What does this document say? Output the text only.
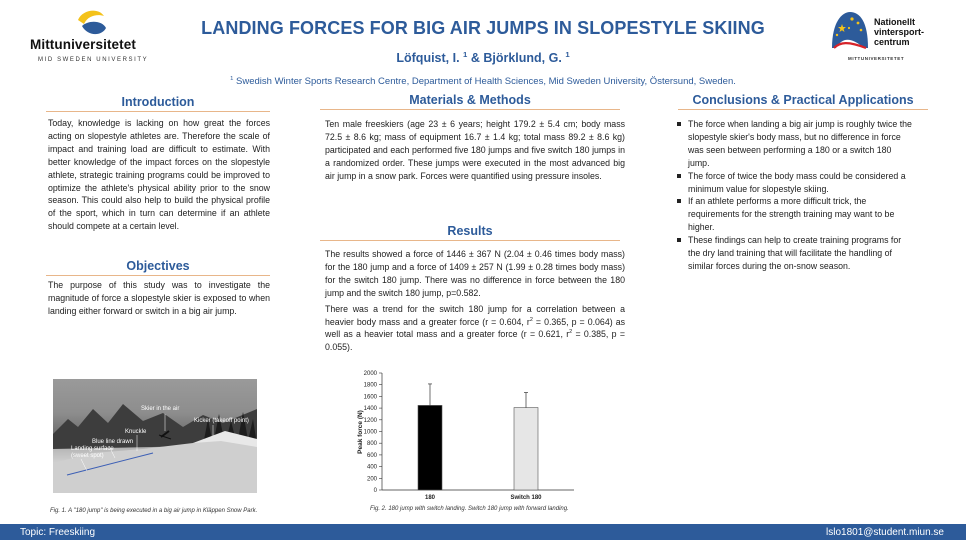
Mittuniversitetet
MID SWEDEN UNIVERSITY
LANDING FORCES FOR BIG AIR JUMPS IN SLOPESTYLE SKIING
Löfquist, I. $^1$ & Björklund, G. $^1$
$^1$ Swedish Winter Sports Research Centre, Department of Health Sciences, Mid Sweden University, Östersund, Sweden.
Nationellt
vintersport-
centrum
MITTUNIVERSITETET
Introduction
Today, knowledge is lacking on how great the forces acting on slopestyle athletes are. Therefore the scale of impact and training load are difficult to estimate. With better knowledge of the impact forces on the slopestyle athlete, strategic training programs could be improved to optimize the athlete's physical ability prior to the snow season. This could also help to build the physical profile of the sport, which in turn can determine if an athlete should compete at a certain level.
Objectives
The purpose of this study was to investigate the magnitude of force a slopestyle skier is exposed to when landing either forward or switch in a big air jump.
Skier in the air
Kicker (takeoff point)
Knuckle
Blue line drawn
Landing surface
(sweet spot)
Fig. 1. A "180 jump" is being executed in a big air jump in Kläppen Snow Park.
Materials & Methods
Ten male freeskiers (age 23 ± 6 years; height 179.2 ± 5.4 cm; body mass 72.5 ± 8.6 kg; mass of equipment 16.7 ± 1.4 kg; total mass 89.2 ± 8.6 kg) participated and each performed five 180 jumps and five switch 180 jumps in a randomized order. These jumps were executed in the most advanced big air jump in a snow park. Forces were quantified using pressure insoles.
Results

The results showed a force of 1446 ± 367 N (2.04 ± 0.46 times body mass) for the 180 jump and a force of 1409 ± 257 N (1.99 ± 0.28 times body mass) for the switch 180 jump. There was no difference in force between the 180 jump and the switch 180 jump, p=0.582.

There was a trend for the switch 180 jump for a correlation between a heavier body mass and a greater force (r = 0.604, $r^2 = 0.365$, p = 0.064) as well as a heavier total mass and a greater force (r = 0.621, $r^2 = 0.385$, p = 0.055).

0
200
400
600
800
1000
1200
1400
1600
1800
2000
180	Switch 180
Peak force (N)
Fig. 2. 180 jump with switch landing. Switch 180 jump with forward landing.
Conclusions & Practical Applications
The force when landing a big air jump is roughly twice the slopestyle skier's body mass, but no difference in force was seen between performing a 180 or a switch 180 jump.
The force of twice the body mass could be considered a minimum value for slopestyle skiing.
If an athlete performs a more difficult trick, the requirements for the strength training may want to be higher.
These findings can help to create training programs for the dry land training that will facilitate the handling of similar forces during the on-snow season.
Topic: Freeskiing	lslo1801@student.miun.se
